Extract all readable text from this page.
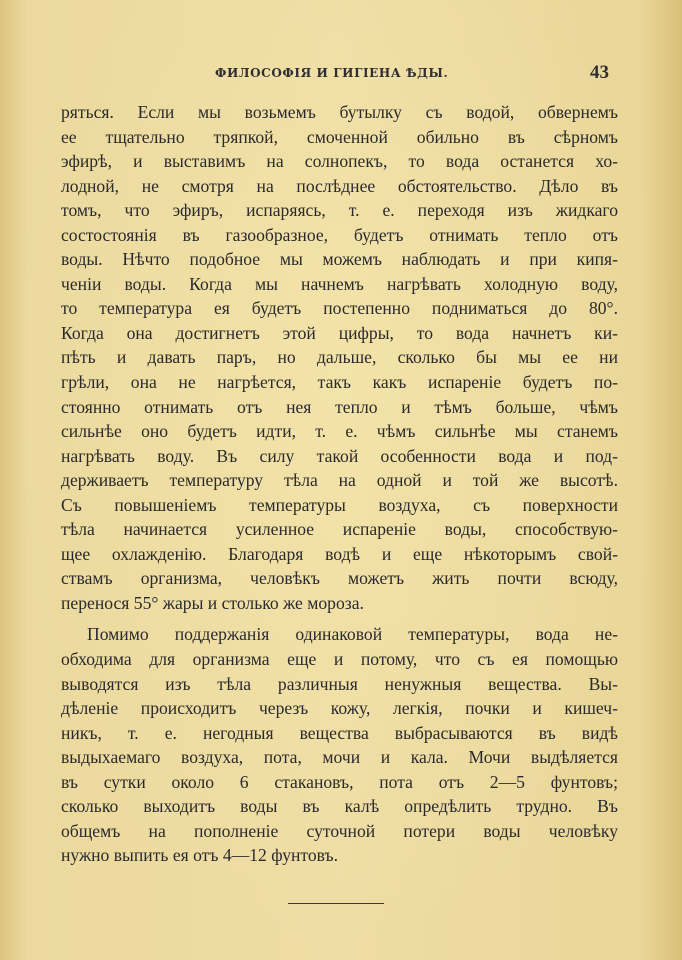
ФИЛОСОФІЯ И ГИГІЕНА ѢДЫ.	43
ряться. Если мы возьмемъ бутылку съ водой, обвернемъ
ее тщательно тряпкой, смоченной обильно въ сѣрномъ
эфирѣ, и выставимъ на солнопекъ, то вода останется хо-
лодной, не смотря на послѣднее обстоятельство. Дѣло въ
томъ, что эфиръ, испаряясь, т. е. переходя изъ жидкаго
состостоянія въ газообразное, будетъ отнимать тепло отъ
воды. Нѣчто подобное мы можемъ наблюдать и при кипя-
ченіи воды. Когда мы начнемъ нагрѣвать холодную воду,
то температура ея будетъ постепенно подниматься до 80°.
Когда она достигнетъ этой цифры, то вода начнетъ ки-
пѣть и давать паръ, но дальше, сколько бы мы ее ни
грѣли, она не нагрѣется, такъ какъ испареніе будетъ по-
стоянно отнимать отъ нея тепло и тѣмъ больше, чѣмъ
сильнѣе оно будетъ идти, т. е. чѣмъ сильнѣе мы станемъ
нагрѣвать воду. Въ силу такой особенности вода и под-
держиваетъ температуру тѣла на одной и той же высотѣ.
Съ повышеніемъ температуры воздуха, съ поверхности
тѣла начинается усиленное испареніе воды, способствую-
щее охлажденію. Благодаря водѣ и еще нѣкоторымъ свой-
ствамъ организма, человѣкъ можетъ жить почти всюду,
перенося 55° жары и столько же мороза.
Помимо поддержанія одинаковой температуры, вода не-
обходима для организма еще и потому, что съ ея помощью
выводятся изъ тѣла различныя ненужныя вещества. Вы-
дѣленіе происходитъ черезъ кожу, легкія, почки и кишеч-
никъ, т. е. негодныя вещества выбрасываются въ видѣ
выдыхаемаго воздуха, пота, мочи и кала. Мочи выдѣляется
въ сутки около 6 стакановъ, пота отъ 2—5 фунтовъ;
сколько выходитъ воды въ калѣ опредѣлить трудно. Въ
общемъ на пополненіе суточной потери воды человѣку
нужно выпить ея отъ 4—12 фунтовъ.
